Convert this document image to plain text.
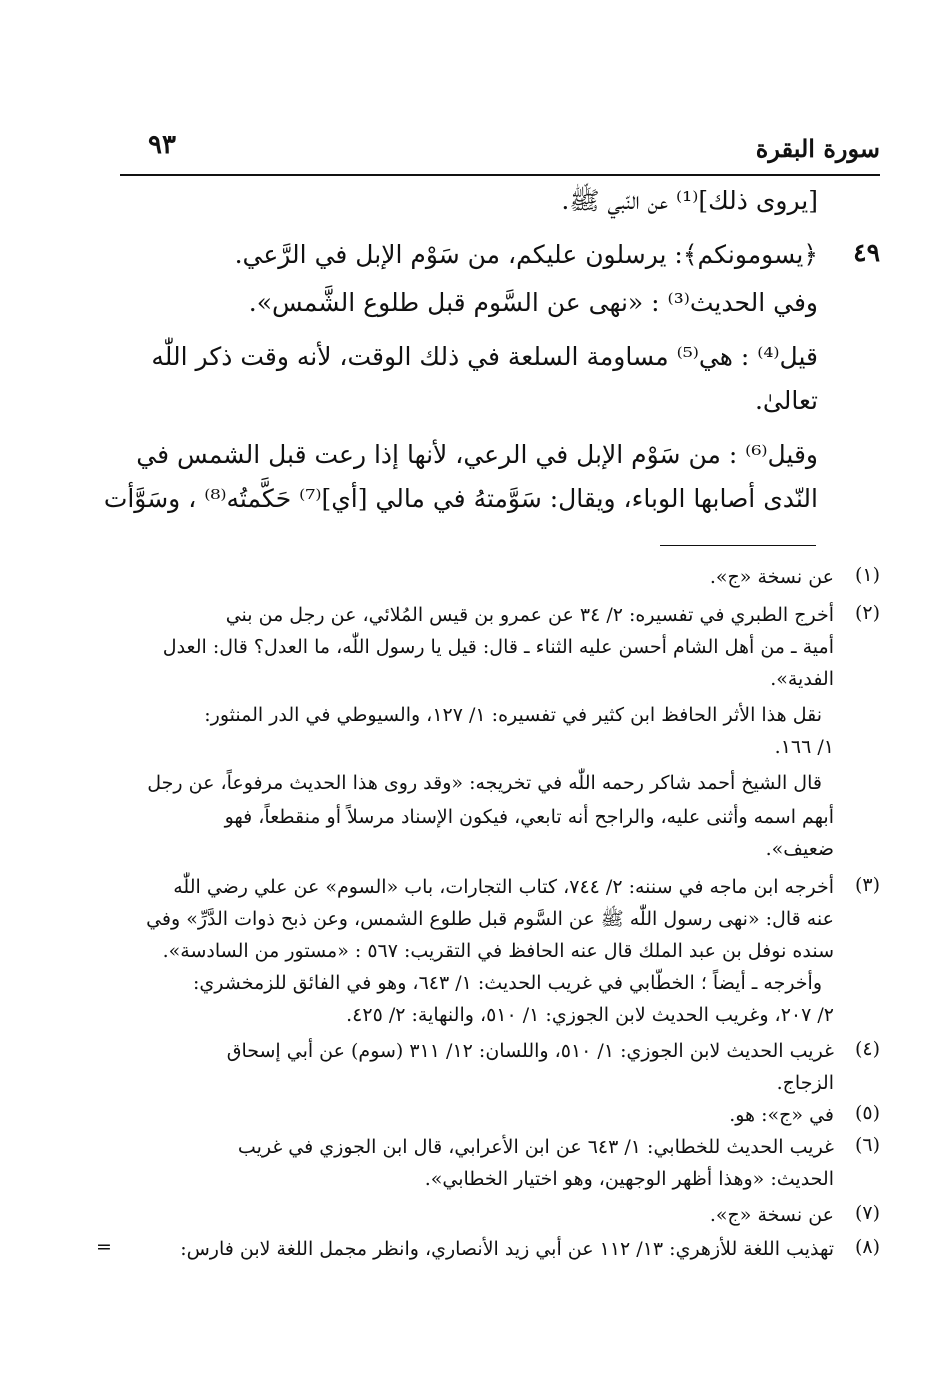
سورة البقرة
٩٣
[يروى ذلك]⁽¹⁾ عن النّبي ﷺ.
٤٩
﴿يسومونكم﴾: يرسلون عليكم، من سَوْم الإبل في الرَّعي.
وفي الحديث⁽³⁾ : «نهى عن السَّوم قبل طلوع الشَّمس».
قيل⁽⁴⁾ : هي⁽⁵⁾ مساومة السلعة في ذلك الوقت، لأنه وقت ذكر اللّٰه
تعالىٰ.
وقيل⁽⁶⁾ : من سَوْم الإبل في الرعي، لأنها إذا رعت قبل الشمس في
النّدى أصابها الوباء، ويقال: سَوَّمتهُ في مالي [أي]⁽⁷⁾ حَكَّمتُه⁽⁸⁾ ، وسَوَّأت
(١)
عن نسخة «ج».
(٢)
أخرج الطبري في تفسيره: ٢/ ٣٤ عن عمرو بن قيس المُلائي، عن رجل من بني
أمية ـ من أهل الشام أحسن عليه الثناء ـ قال: قيل يا رسول اللّٰه، ما العدل؟ قال: العدل
الفدية».
نقل هذا الأثر الحافظ ابن كثير في تفسيره: ١/ ١٢٧، والسيوطي في الدر المنثور:
١/ ١٦٦.
قال الشيخ أحمد شاكر رحمه اللّٰه في تخريجه: «وقد روى هذا الحديث مرفوعاً، عن رجل
أبهم اسمه وأثنى عليه، والراجح أنه تابعي، فيكون الإسناد مرسلاً أو منقطعاً، فهو
ضعيف».
(٣)
أخرجه ابن ماجه في سننه: ٢/ ٧٤٤، كتاب التجارات، باب «السوم» عن علي رضي اللّٰه
عنه قال: «نهى رسول اللّٰه ﷺ عن السَّوم قبل طلوع الشمس، وعن ذبح ذوات الدَّرِّ» وفي
سنده نوفل بن عبد الملك قال عنه الحافظ في التقريب: ٥٦٧ : «مستور من السادسة».
وأخرجه ـ أيضاً ؛ الخطّابي في غريب الحديث: ١/ ٦٤٣، وهو في الفائق للزمخشري:
٢/ ٢٠٧، وغريب الحديث لابن الجوزي: ١/ ٥١٠، والنهاية: ٢/ ٤٢٥.
(٤)
غريب الحديث لابن الجوزي: ١/ ٥١٠، واللسان: ١٢/ ٣١١ (سوم) عن أبي إسحاق
الزجاج.
(٥)
في «ج»: هو.
(٦)
غريب الحديث للخطابي: ١/ ٦٤٣ عن ابن الأعرابي، قال ابن الجوزي في غريب
الحديث: «وهذا أظهر الوجهين، وهو اختيار الخطابي».
(٧)
عن نسخة «ج».
(٨)
تهذيب اللغة للأزهري: ١٣/ ١١٢ عن أبي زيد الأنصاري، وانظر مجمل اللغة لابن فارس:
=
